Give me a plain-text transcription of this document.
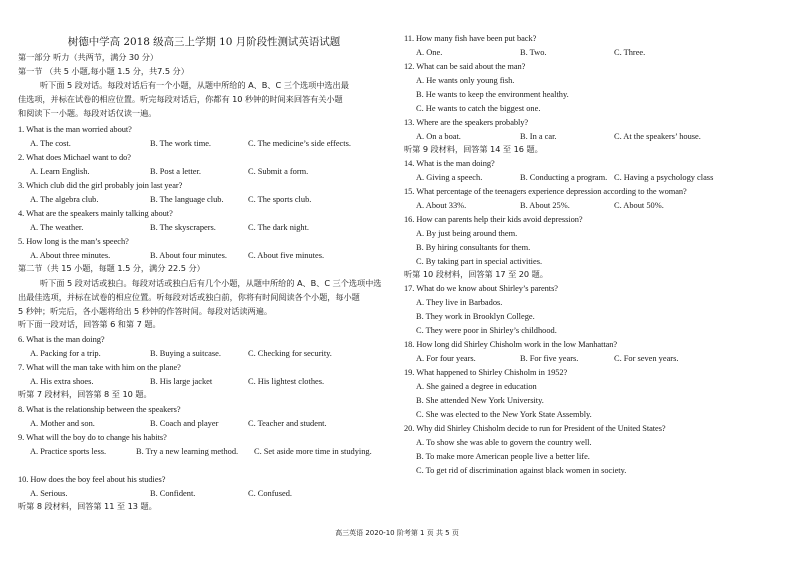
树德中学高 2018 级高三上学期 10 月阶段性测试英语试题
第一部分 听力（共两节，满分 30 分）
第一节 （共 5 小题,每小题 1.5 分，共7.5 分）
听下面 5 段对话。每段对话后有一个小题，从题中所给的 A、B、C 三个选项中选出最
佳选项，并标在试卷的相应位置。听完每段对话后，你都有 10 秒钟的时间来回答有关小题
和阅读下一小题。每段对话仅读一遍。
1. What is the man worried about?
A. The cost.	B. The work time.	C. The medicine’s side effects.
2. What does Michael want to do?
A. Learn English.	B. Post a letter.	C. Submit a form.
3. Which club did the girl probably join last year?
A. The algebra club.	B. The language club.	C. The sports club.
4. What are the speakers mainly talking about?
A. The weather.	B. The skyscrapers.	C. The dark night.
5. How long is the man’s speech?
A. About three minutes.	B. About four minutes. C. About five minutes.
第二节（共 15 小题，每题 1.5 分，满分 22.5 分）
听下面 5 段对话或独白。每段对话或独白后有几个小题，从题中所给的 A、B、C 三个选项中选
出最佳选项，并标在试卷的相应位置。听每段对话或独白前，你将有时间阅读各个小题，每小题
5 秒钟；听完后，各小题将给出 5 秒钟的作答时间。每段对话读两遍。
听下面一段对话，回答第 6 和第 7 题。
6. What is the man doing?
A. Packing for a trip.	B. Buying a suitcase.	C. Checking for security.
7. What will the man take with him on the plane?
A. His extra shoes.	B. His large jacket	C. His lightest clothes.
听第 7 段材料，回答第 8 至 10 题。
8. What is the relationship between the speakers?
A. Mother and son.	B. Coach and player	C. Teacher and student.
9. What will the boy do to change his habits?
A. Practice sports less.	B. Try a new learning method. C. Set aside more time in studying.
10. How does the boy feel about his studies?
A. Serious.	B. Confident.	C. Confused.
听第 8 段材料，回答第 11 至 13 题。
11. How many fish have been put back?
A. One.	B. Two.	C. Three.
12. What can be said about the man?
A. He wants only young fish.
B. He wants to keep the environment healthy.
C. He wants to catch the biggest one.
13. Where are the speakers probably?
A. On a boat.	B. In a car.	C. At the speakers’ house.
听第 9 段材料，回答第 14 至 16 题。
14. What is the man doing?
A. Giving a speech.	B. Conducting a program. C. Having a psychology class
15. What percentage of the teenagers experience depression according to the woman?
A. About 33%.	B. About 25%.	C. About 50%.
16. How can parents help their kids avoid depression?
A. By just being around them.
B. By hiring consultants for them.
C. By taking part in special activities.
听第 10 段材料，回答第 17 至 20 题。
17. What do we know about Shirley’s parents?
A. They live in Barbados.
B. They work in Brooklyn College.
C. They were poor in Shirley’s childhood.
18. How long did Shirley Chisholm work in the low Manhattan?
A. For four years.	B. For five years.	C. For seven years.
19. What happened to Shirley Chisholm in 1952?
A. She gained a degree in education
B. She attended New York University.
C. She was elected to the New York State Assembly.
20. Why did Shirley Chisholm decide to run for President of the United States?
A. To show she was able to govern the country well.
B. To make more American people live a better life.
C. To get rid of discrimination against black women in society.
高三英语 2020-10 阶考第 1 页 共 5 页
